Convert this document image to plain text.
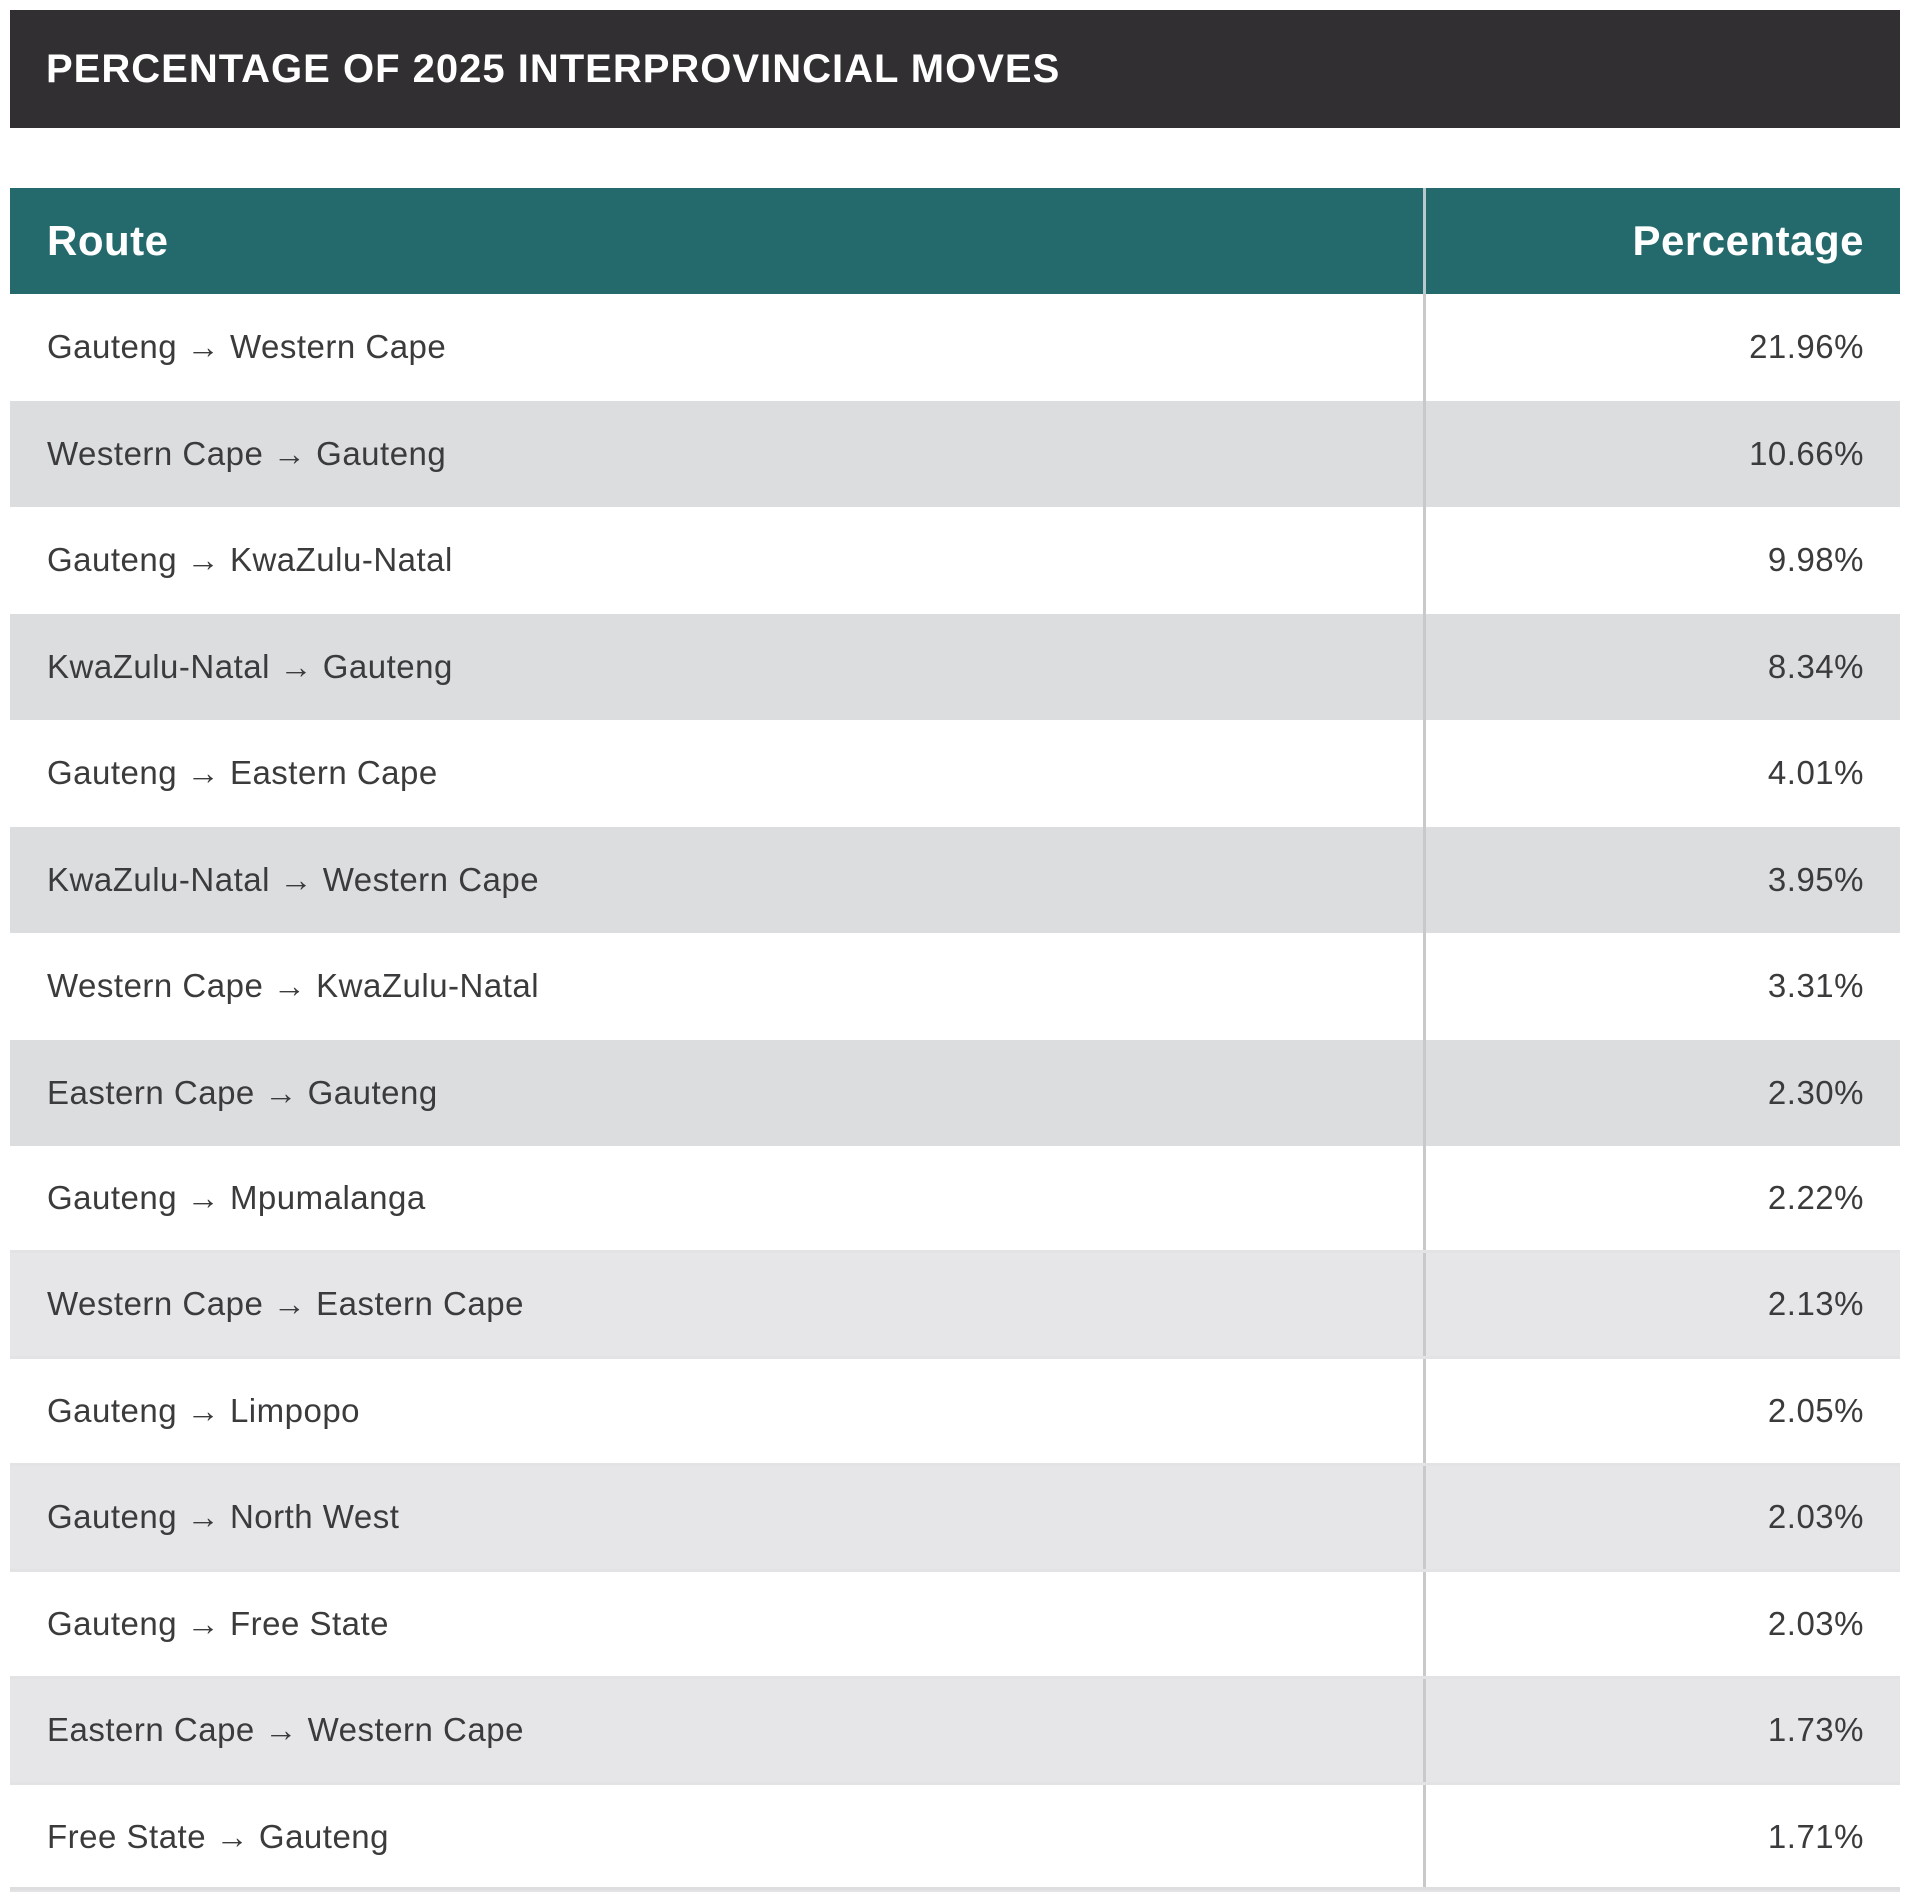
PERCENTAGE OF 2025 INTERPROVINCIAL MOVES
Route	Percentage
Gauteng → Western Cape	21.96%
Western Cape → Gauteng	10.66%
Gauteng → KwaZulu-Natal	9.98%
KwaZulu-Natal → Gauteng	8.34%
Gauteng → Eastern Cape	4.01%
KwaZulu-Natal → Western Cape	3.95%
Western Cape → KwaZulu-Natal	3.31%
Eastern Cape → Gauteng	2.30%
Gauteng → Mpumalanga	2.22%
Western Cape → Eastern Cape	2.13%
Gauteng → Limpopo	2.05%
Gauteng → North West	2.03%
Gauteng → Free State	2.03%
Eastern Cape → Western Cape	1.73%
Free State → Gauteng	1.71%
